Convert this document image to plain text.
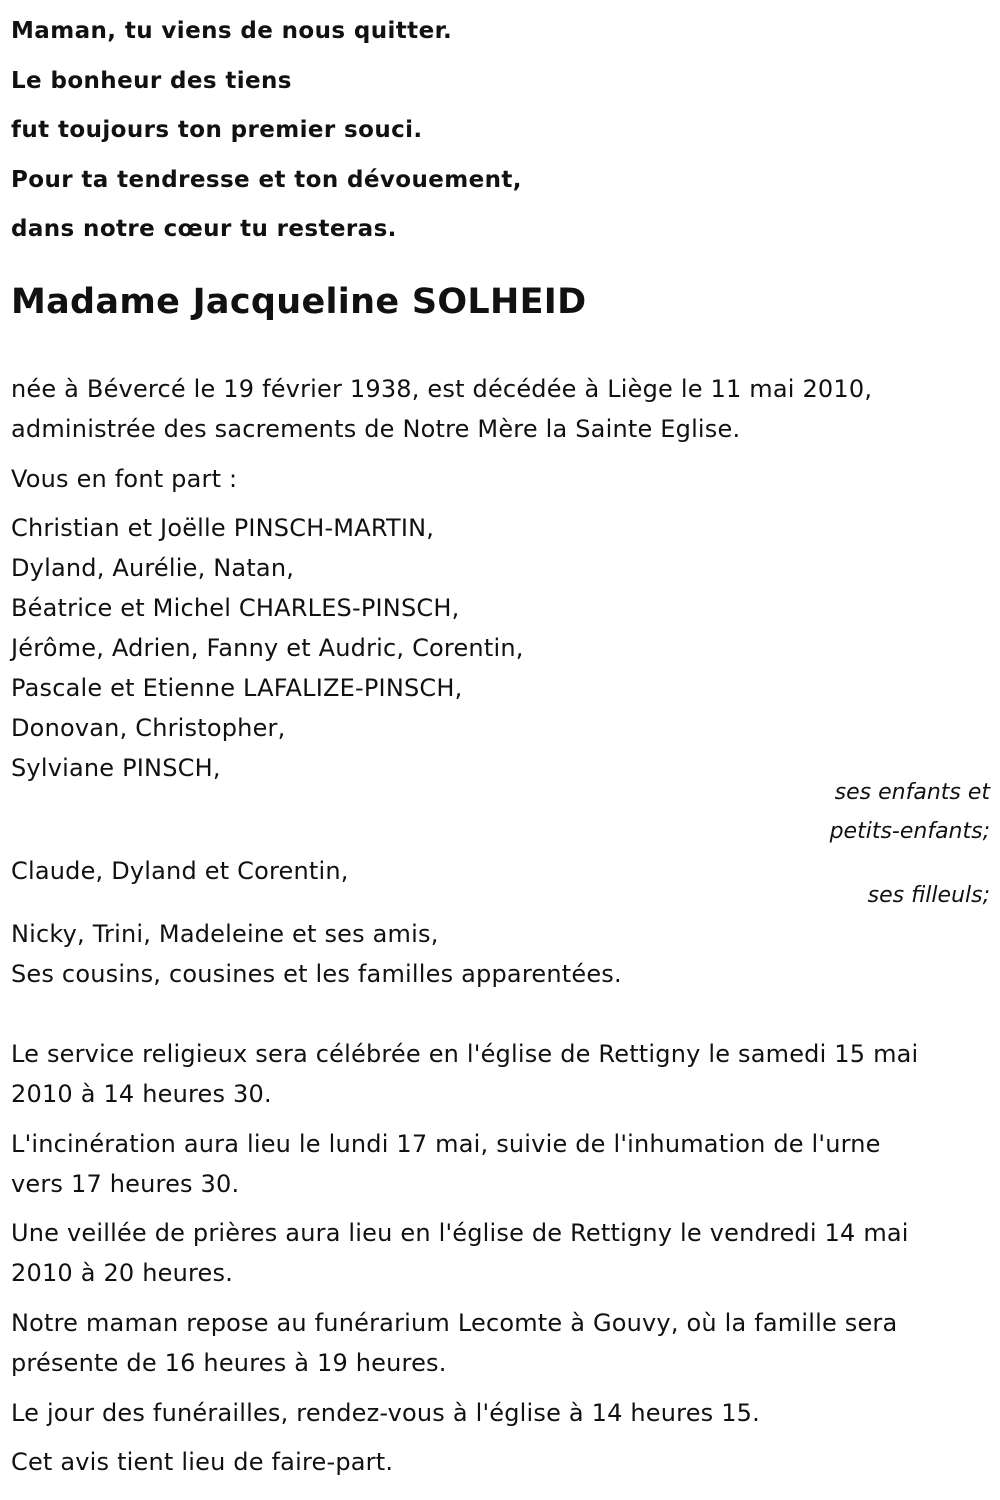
Maman, tu viens de nous quitter.
Le bonheur des tiens
fut toujours ton premier souci.
Pour ta tendresse et ton dévouement,
dans notre cœur tu resteras.
Madame Jacqueline SOLHEID
née à Bévercé le 19 février 1938, est décédée à Liège le 11 mai 2010,
administrée des sacrements de Notre Mère la Sainte Eglise.
Vous en font part :
Christian et Joëlle PINSCH-MARTIN,
Dyland, Aurélie, Natan,
Béatrice et Michel CHARLES-PINSCH,
Jérôme, Adrien, Fanny et Audric, Corentin,
Pascale et Etienne LAFALIZE-PINSCH,
Donovan, Christopher,
Sylviane PINSCH,
ses enfants et
petits-enfants;
Claude, Dyland et Corentin,
ses filleuls;
Nicky, Trini, Madeleine et ses amis,
Ses cousins, cousines et les familles apparentées.
Le service religieux sera célébrée en l'église de Rettigny le samedi 15 mai
2010 à 14 heures 30.
L'incinération aura lieu le lundi 17 mai, suivie de l'inhumation de l'urne
vers 17 heures 30.
Une veillée de prières aura lieu en l'église de Rettigny le vendredi 14 mai
2010 à 20 heures.
Notre maman repose au funérarium Lecomte à Gouvy, où la famille sera
présente de 16 heures à 19 heures.
Le jour des funérailles, rendez-vous à l'église à 14 heures 15.
Cet avis tient lieu de faire-part.
